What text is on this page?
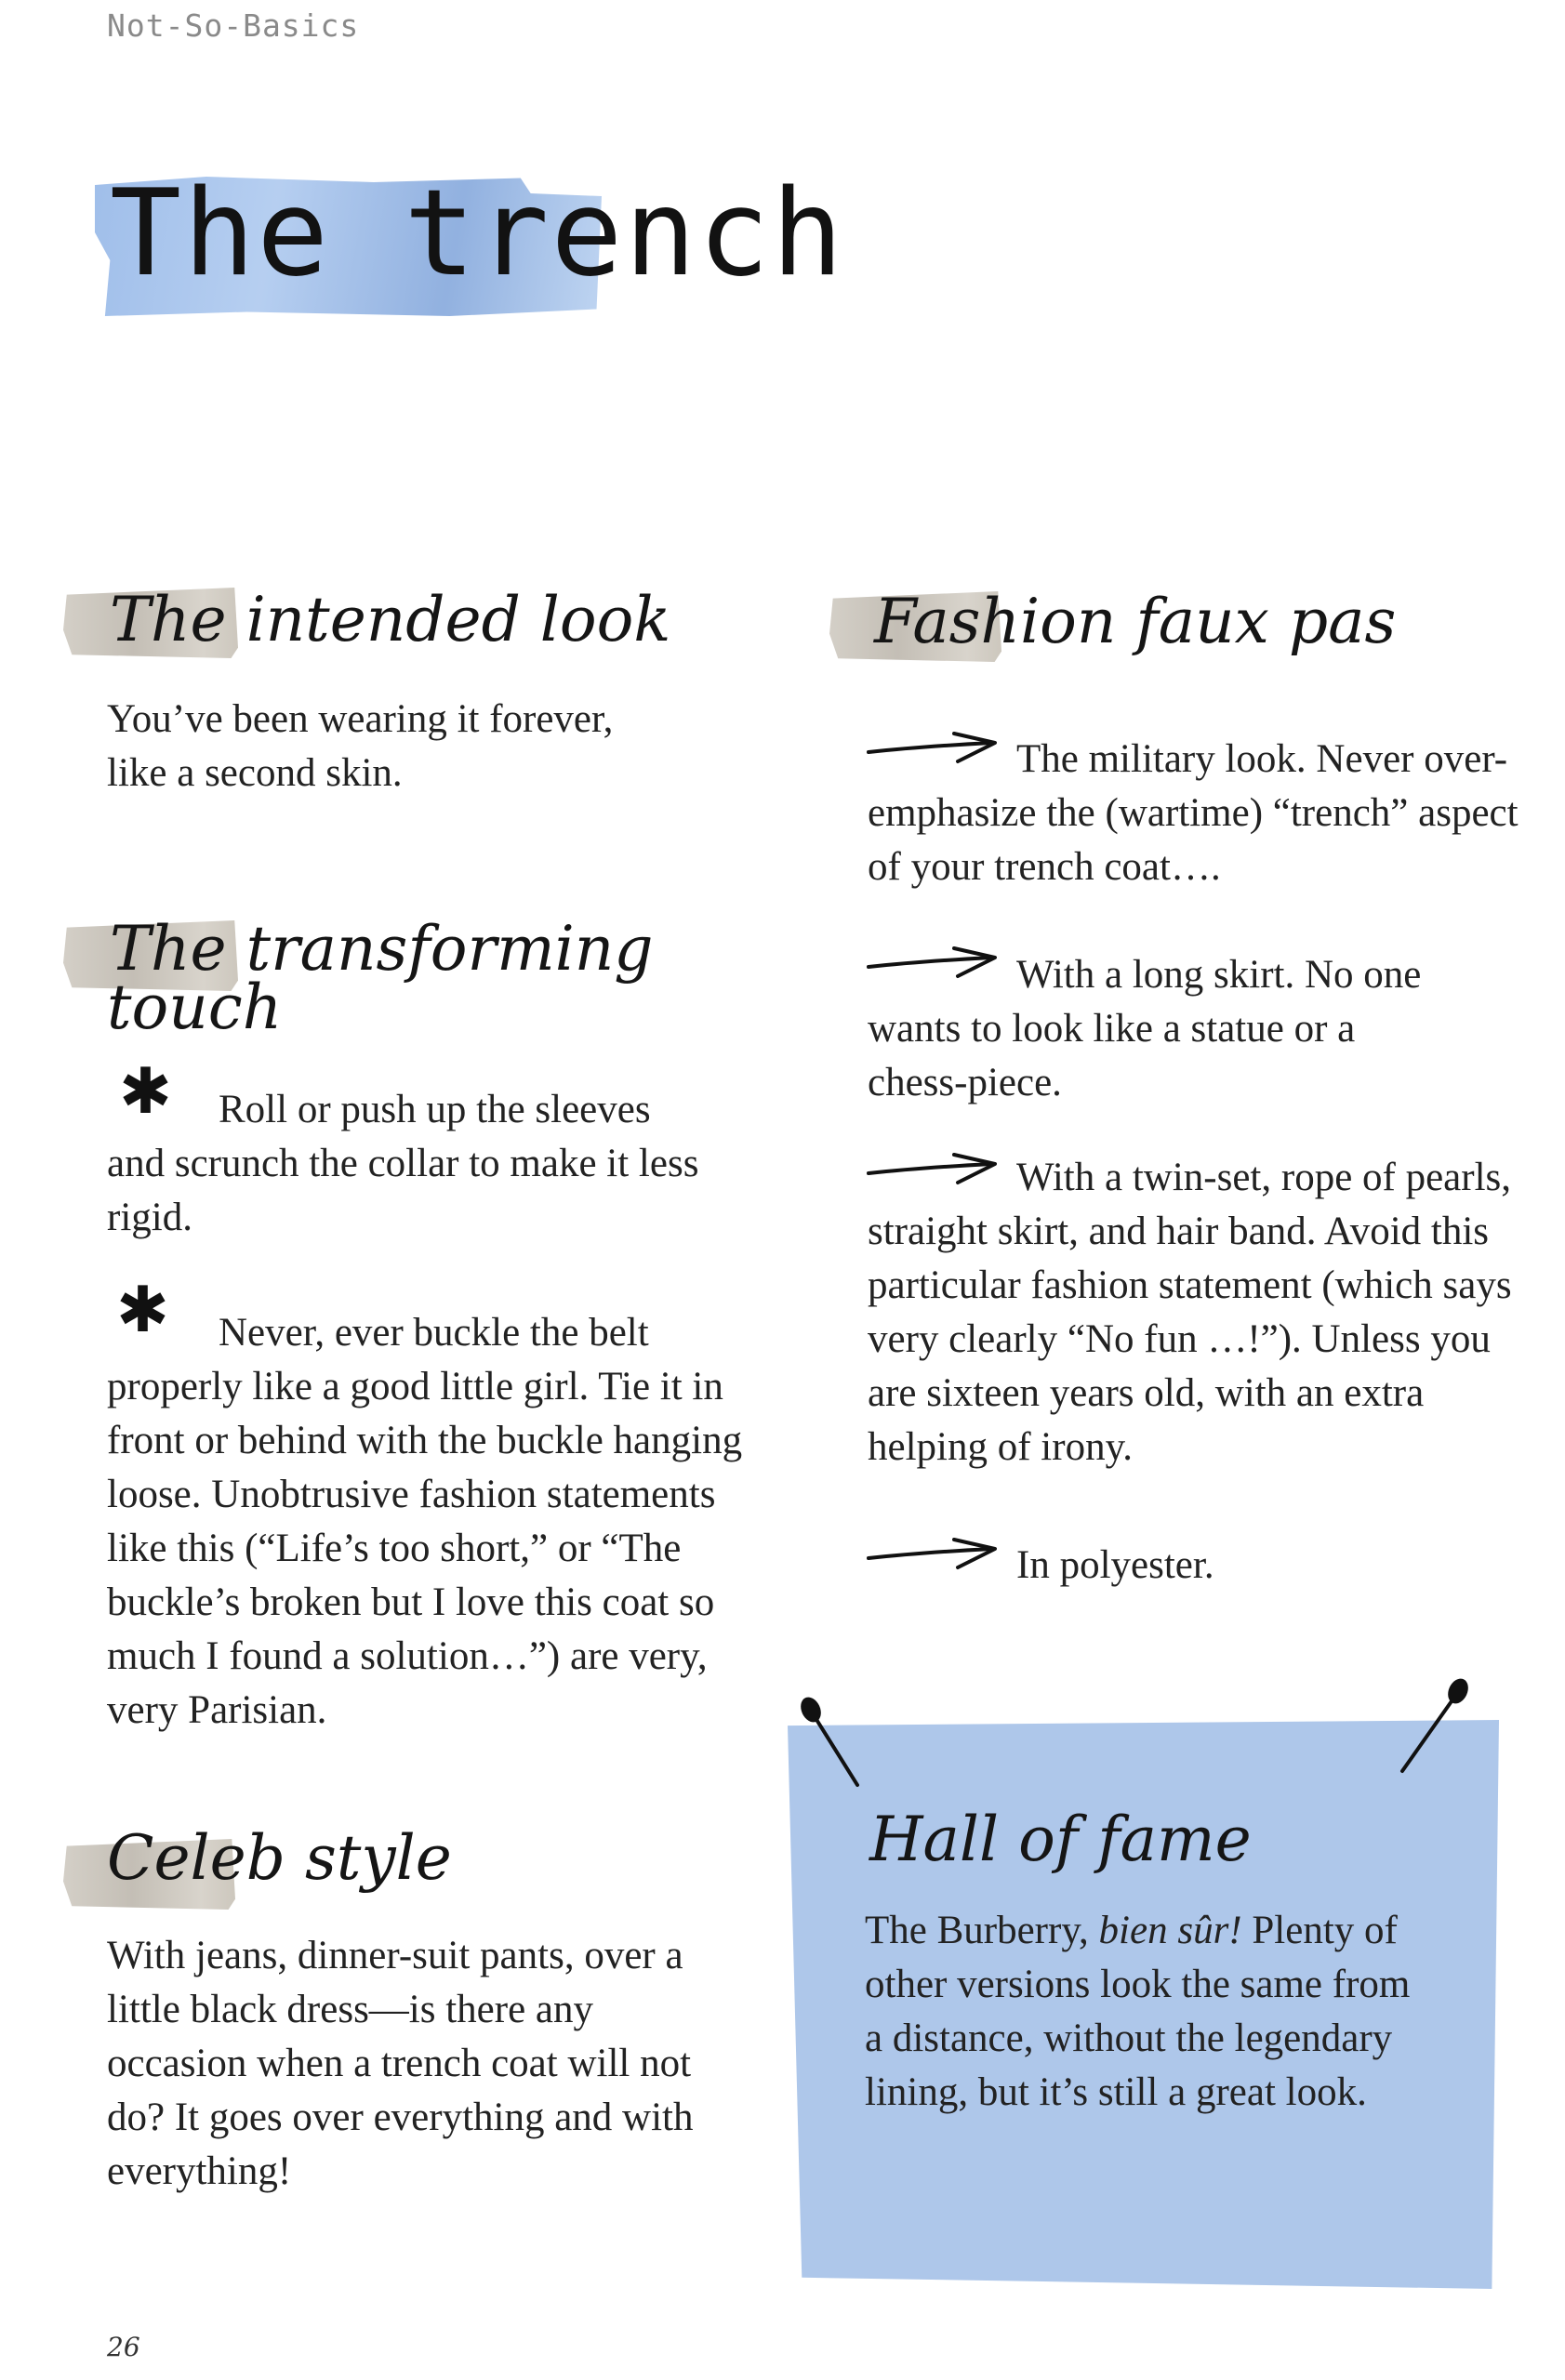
Not-So-Basics
The trench
The intended look

You’ve been wearing it forever, like a second skin.

The transforming
touch
✱	Roll or push up the sleeves and scrunch the collar to make it less rigid.

✱	Never, ever buckle the belt properly like a good little girl. Tie it in front or behind with the buckle hanging loose. Unobtrusive fashion statements like this (“Life’s too short,” or “The buckle’s broken but I love this coat so much I found a solution…”) are very, very Parisian.

Celeb style

With jeans, dinner-suit pants, over a little black dress—is there any occasion when a trench coat will not do? It goes over everything and with everything!

Fashion faux pas

The military look. Never over-emphasize the (wartime) “trench” aspect of your trench coat….

With a long skirt. No one wants to look like a statue or a chess-piece.

With a twin-set, rope of pearls, straight skirt, and hair band. Avoid this particular fashion statement (which says very clearly “No fun …!”). Unless you are sixteen years old, with an extra helping of irony.

In polyester.

Hall of fame

The Burberry, bien sûr! Plenty of other versions look the same from a distance, without the legendary lining, but it’s still a great look.

26
